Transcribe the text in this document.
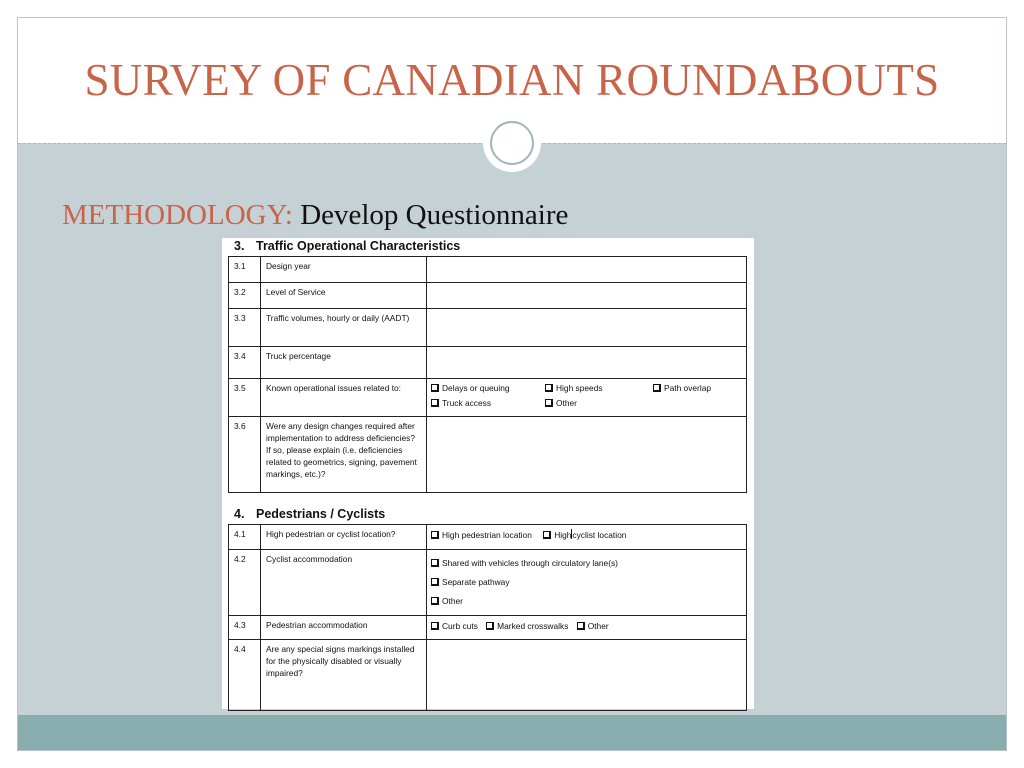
SURVEY OF CANADIAN ROUNDABOUTS
METHODOLOGY: Develop Questionnaire
3. Traffic Operational Characteristics
3.1	Design year	
3.2	Level of Service	
3.3	Traffic volumes, hourly or daily (AADT)	
3.4	Truck percentage	
3.5	Known operational issues related to:	Delays or queuing High speeds Path overlap
Truck access Other

3.6	Were any design changes required after implementation to address deficiencies? If so, please explain (i.e. deficiencies related to geometrics, signing, pavement markings, etc.)?	
4. Pedestrians / Cyclists
4.1	High pedestrian or cyclist location?	High pedestrian location Highcyclist location
4.2	Cyclist accommodation	Shared with vehicles through circulatory lane(s)
Separate pathway
Other
4.3	Pedestrian accommodation	Curb cuts Marked crosswalks Other
4.4	Are any special signs markings installed for the physically disabled or visually impaired?	
